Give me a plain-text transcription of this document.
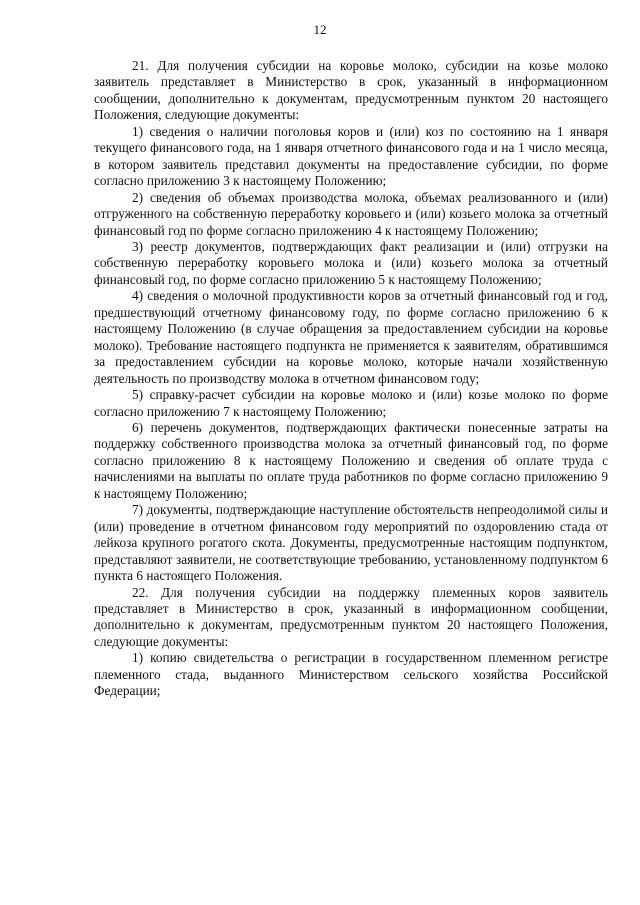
12

21. Для получения субсидии на коровье молоко, субсидии на козье молоко заявитель представляет в Министерство в срок, указанный в информационном сообщении, дополнительно к документам, предусмотренным пунктом 20 настоящего Положения, следующие документы:

1) сведения о наличии поголовья коров и (или) коз по состоянию на 1 января текущего финансового года, на 1 января отчетного финансового года и на 1 число месяца, в котором заявитель представил документы на предоставление субсидии, по форме согласно приложению 3 к настоящему Положению;

2) сведения об объемах производства молока, объемах реализованного и (или) отгруженного на собственную переработку коровьего и (или) козьего молока за отчетный финансовый год по форме согласно приложению 4 к настоящему Положению;

3) реестр документов, подтверждающих факт реализации и (или) отгрузки на собственную переработку коровьего молока и (или) козьего молока за отчетный финансовый год, по форме согласно приложению 5 к настоящему Положению;

4) сведения о молочной продуктивности коров за отчетный финансовый год и год, предшествующий отчетному финансовому году, по форме согласно приложению 6 к настоящему Положению (в случае обращения за предоставлением субсидии на коровье молоко). Требование настоящего подпункта не применяется к заявителям, обратившимся за предоставлением субсидии на коровье молоко, которые начали хозяйственную деятельность по производству молока в отчетном финансовом году;

5) справку-расчет субсидии на коровье молоко и (или) козье молоко по форме согласно приложению 7 к настоящему Положению;

6) перечень документов, подтверждающих фактически понесенные затраты на поддержку собственного производства молока за отчетный финансовый год, по форме согласно приложению 8 к настоящему Положению и сведения об оплате труда с начислениями на выплаты по оплате труда работников по форме согласно приложению 9 к настоящему Положению;

7) документы, подтверждающие наступление обстоятельств непреодолимой силы и (или) проведение в отчетном финансовом году мероприятий по оздоровлению стада от лейкоза крупного рогатого скота. Документы, предусмотренные настоящим подпунктом, представляют заявители, не соответствующие требованию, установленному подпунктом 6 пункта 6 настоящего Положения.

22. Для получения субсидии на поддержку племенных коров заявитель представляет в Министерство в срок, указанный в информационном сообщении, дополнительно к документам, предусмотренным пунктом 20 настоящего Положения, следующие документы:

1) копию свидетельства о регистрации в государственном племенном регистре племенного стада, выданного Министерством сельского хозяйства Российской Федерации;
